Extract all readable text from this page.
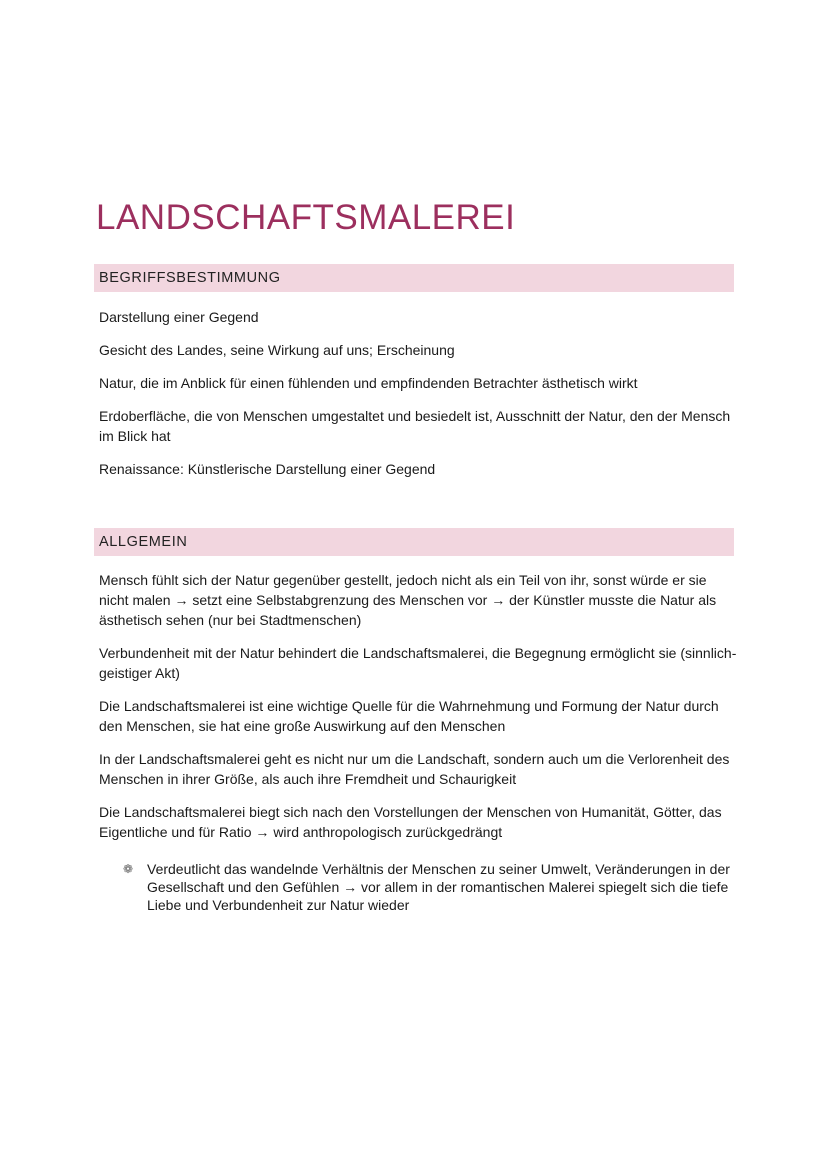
LANDSCHAFTSMALEREI
BEGRIFFSBESTIMMUNG

Darstellung einer Gegend

Gesicht des Landes, seine Wirkung auf uns; Erscheinung

Natur, die im Anblick für einen fühlenden und empfindenden Betrachter ästhetisch wirkt

Erdoberfläche, die von Menschen umgestaltet und besiedelt ist, Ausschnitt der Natur, den der Mensch im Blick hat

Renaissance: Künstlerische Darstellung einer Gegend

ALLGEMEIN

Mensch fühlt sich der Natur gegenüber gestellt, jedoch nicht als ein Teil von ihr, sonst würde er sie nicht malen → setzt eine Selbstabgrenzung des Menschen vor → der Künstler musste die Natur als ästhetisch sehen (nur bei Stadtmenschen)

Verbundenheit mit der Natur behindert die Landschaftsmalerei, die Begegnung ermöglicht sie (sinnlich-geistiger Akt)

Die Landschaftsmalerei ist eine wichtige Quelle für die Wahrnehmung und Formung der Natur durch den Menschen, sie hat eine große Auswirkung auf den Menschen

In der Landschaftsmalerei geht es nicht nur um die Landschaft, sondern auch um die Verlorenheit des Menschen in ihrer Größe, als auch ihre Fremdheit und Schaurigkeit

Die Landschaftsmalerei biegt sich nach den Vorstellungen der Menschen von Humanität, Götter, das Eigentliche und für Ratio → wird anthropologisch zurückgedrängt

❁ Verdeutlicht das wandelnde Verhältnis der Menschen zu seiner Umwelt, Veränderungen in der Gesellschaft und den Gefühlen → vor allem in der romantischen Malerei spiegelt sich die tiefe Liebe und Verbundenheit zur Natur wieder
